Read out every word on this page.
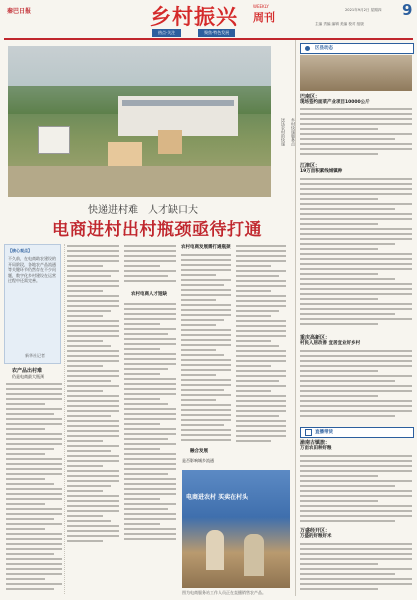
秦巴日报	乡村振兴	WEEKLY
周刊
2021年9月2日 星期四
主编 责编 编辑 美编 校对 组版
9
热点·关注	聚焦·特色发展
送达农村的快递	乡村快递服务点
快递进村难　人才缺口大
电商进村出村瓶颈亟待打通
【核心观点】
不久前，在电商助农建设的开局阶段，各地农产品流通等关键环节仍然存在不少问题，数字化乡村建设在运营过程中还需完善。
新华社记者
农产品出村难
仍是电商最大瓶颈
农村电商人才短缺
农村电商发展需打通瓶颈
融合发展
是否影响城乡流通
电商进农村 买卖在村头
图为电商服务站工作人员正在直播销售农产品。
区县动态
巴南区：
现场签约面菜产业项目10000公斤
江津区：
19万亩积累线城镇种
重庆高新区：
村民人居改善 宜居宜业好乡村
直播带货
渝南古镇旅：
万亩农田种好粮
万盛经开区：
万盛的好粮好米
